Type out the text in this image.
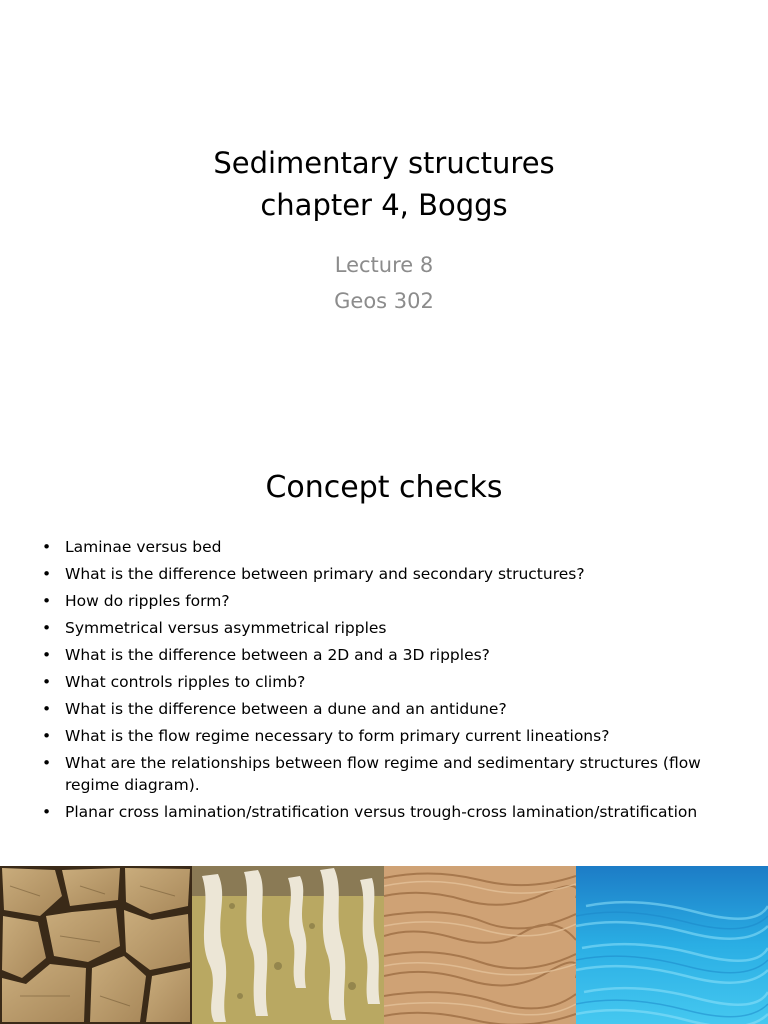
Sedimentary structures
chapter 4, Boggs
Lecture 8
Geos 302
Concept checks
• Laminae versus bed
• What is the difference between primary and secondary structures?
• How do ripples form?
• Symmetrical versus asymmetrical ripples
• What is the difference between a 2D and a 3D ripples?
• What controls ripples to climb?
• What is the difference between a dune and an antidune?
• What is the flow regime necessary to form primary current lineations?
• What are the relationships between flow regime and sedimentary structures (flow regime diagram).
• Planar cross lamination/stratification versus trough-cross lamination/stratification
